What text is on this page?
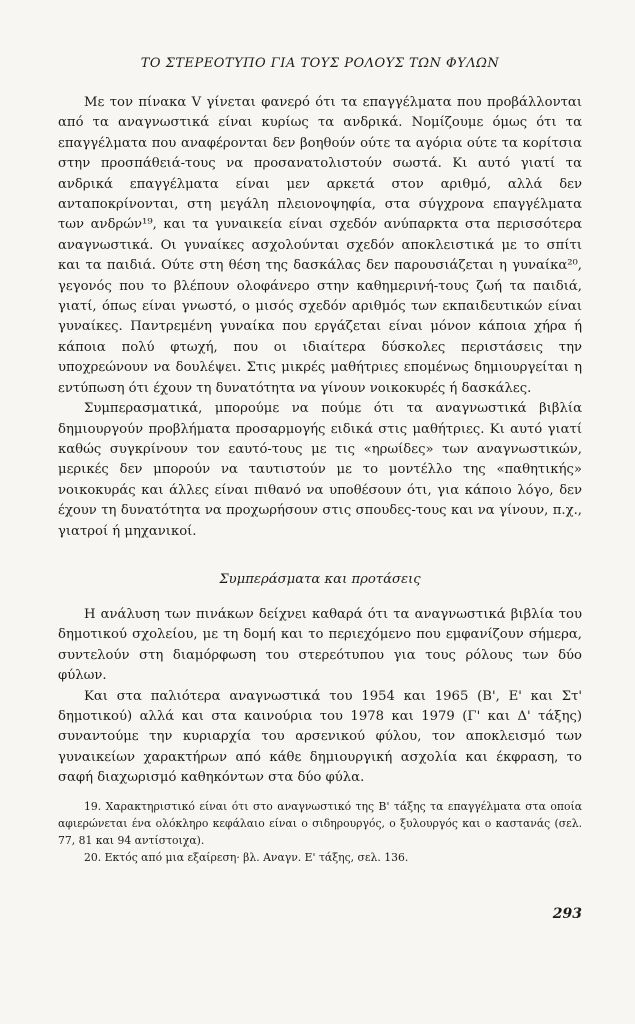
ΤΟ ΣΤΕΡΕΟΤΥΠΟ ΓΙΑ ΤΟΥΣ ΡΟΛΟΥΣ ΤΩΝ ΦΥΛΩΝ

Με τον πίνακα V γίνεται φανερό ότι τα επαγγέλματα που προβάλλονται από τα αναγνωστικά είναι κυρίως τα ανδρικά. Νομίζουμε όμως ότι τα επαγγέλματα που αναφέρονται δεν βοηθούν ούτε τα αγόρια ούτε τα κορίτσια στην προσπάθειά-τους να προσανατολιστούν σωστά. Κι αυτό γιατί τα ανδρικά επαγγέλματα είναι μεν αρκετά στον αριθμό, αλλά δεν ανταποκρίνονται, στη μεγάλη πλειονοψηφία, στα σύγχρονα επαγγέλματα των ανδρών¹⁹, και τα γυναικεία είναι σχεδόν ανύπαρκτα στα περισσότερα αναγνωστικά. Οι γυναίκες ασχολούνται σχεδόν αποκλειστικά με το σπίτι και τα παιδιά. Ούτε στη θέση της δασκάλας δεν παρουσιάζεται η γυναίκα²⁰, γεγονός που το βλέπουν ολοφάνερο στην καθημερινή-τους ζωή τα παιδιά, γιατί, όπως είναι γνωστό, ο μισός σχεδόν αριθμός των εκπαιδευτικών είναι γυναίκες. Παντρεμένη γυναίκα που εργάζεται είναι μόνον κάποια χήρα ή κάποια πολύ φτωχή, που οι ιδιαίτερα δύσκολες περιστάσεις την υποχρεώνουν να δουλέψει. Στις μικρές μαθήτριες επομένως δημιουργείται η εντύπωση ότι έχουν τη δυνατότητα να γίνουν νοικοκυρές ή δασκάλες.

Συμπερασματικά, μπορούμε να πούμε ότι τα αναγνωστικά βιβλία δημιουργούν προβλήματα προσαρμογής ειδικά στις μαθήτριες. Κι αυτό γιατί καθώς συγκρίνουν τον εαυτό-τους με τις «ηρωίδες» των αναγνωστικών, μερικές δεν μπορούν να ταυτιστούν με το μοντέλλο της «παθητικής» νοικοκυράς και άλλες είναι πιθανό να υποθέσουν ότι, για κάποιο λόγο, δεν έχουν τη δυνατότητα να προχωρήσουν στις σπουδες-τους και να γίνουν, π.χ., γιατροί ή μηχανικοί.

Συμπεράσματα και προτάσεις

Η ανάλυση των πινάκων δείχνει καθαρά ότι τα αναγνωστικά βιβλία του δημοτικού σχολείου, με τη δομή και το περιεχόμενο που εμφανίζουν σήμερα, συντελούν στη διαμόρφωση του στερεότυπου για τους ρόλους των δύο φύλων.

Και στα παλιότερα αναγνωστικά του 1954 και 1965 (Β', Ε' και Στ' δημοτικού) αλλά και στα καινούρια του 1978 και 1979 (Γ' και Δ' τάξης) συναντούμε την κυριαρχία του αρσενικού φύλου, τον αποκλεισμό των γυναικείων χαρακτήρων από κάθε δημιουργική ασχολία και έκφραση, το σαφή διαχωρισμό καθηκόντων στα δύο φύλα.

19. Χαρακτηριστικό είναι ότι στο αναγνωστικό της Β' τάξης τα επαγγέλματα στα οποία αφιερώνεται ένα ολόκληρο κεφάλαιο είναι ο σιδηρουργός, ο ξυλουργός και ο καστανάς (σελ. 77, 81 και 94 αντίστοιχα).

20. Εκτός από μια εξαίρεση· βλ. Αναγν. Ε' τάξης, σελ. 136.

293
